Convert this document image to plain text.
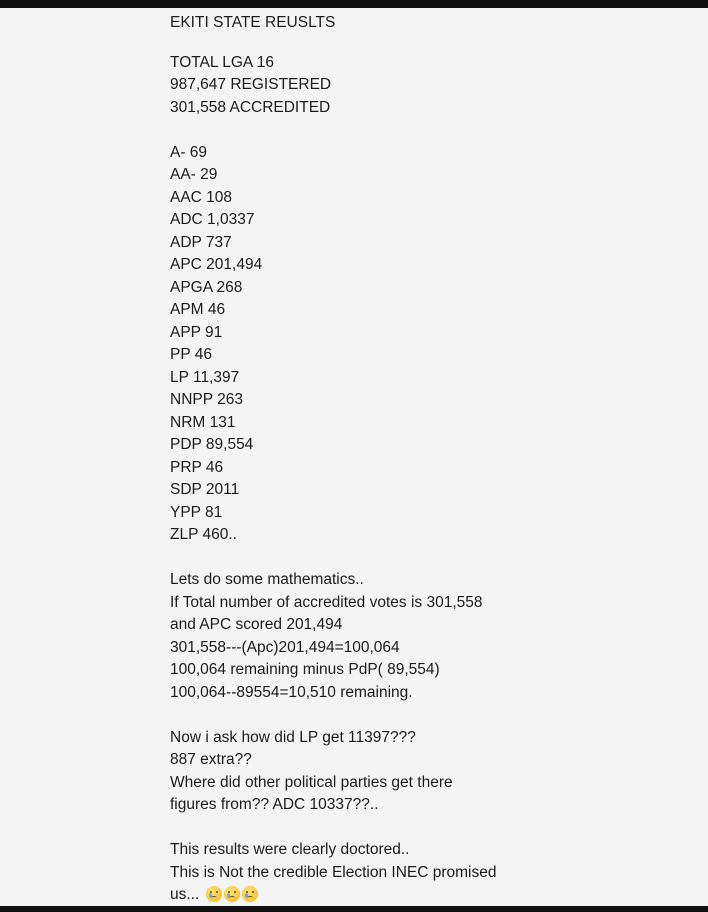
EKITI STATE REUSLTS
TOTAL LGA 16
987,647 REGISTERED
301,558 ACCREDITED
A- 69
AA- 29
AAC 108
ADC 1,0337
ADP 737
APC 201,494
APGA 268
APM 46
APP 91
PP 46
LP 11,397
NNPP 263
NRM 131
PDP 89,554
PRP 46
SDP 2011
YPP 81
ZLP 460..
Lets do some mathematics..
If Total number of accredited votes is 301,558
and APC scored 201,494
301,558---(Apc)201,494=100,064
100,064 remaining minus PdP( 89,554)
100,064--89554=10,510 remaining.
Now i ask how did LP get 11397???
887 extra??
Where did other political parties get there
figures from?? ADC 10337??..
This results were clearly doctored..
This is Not the credible Election INEC promised
us...
